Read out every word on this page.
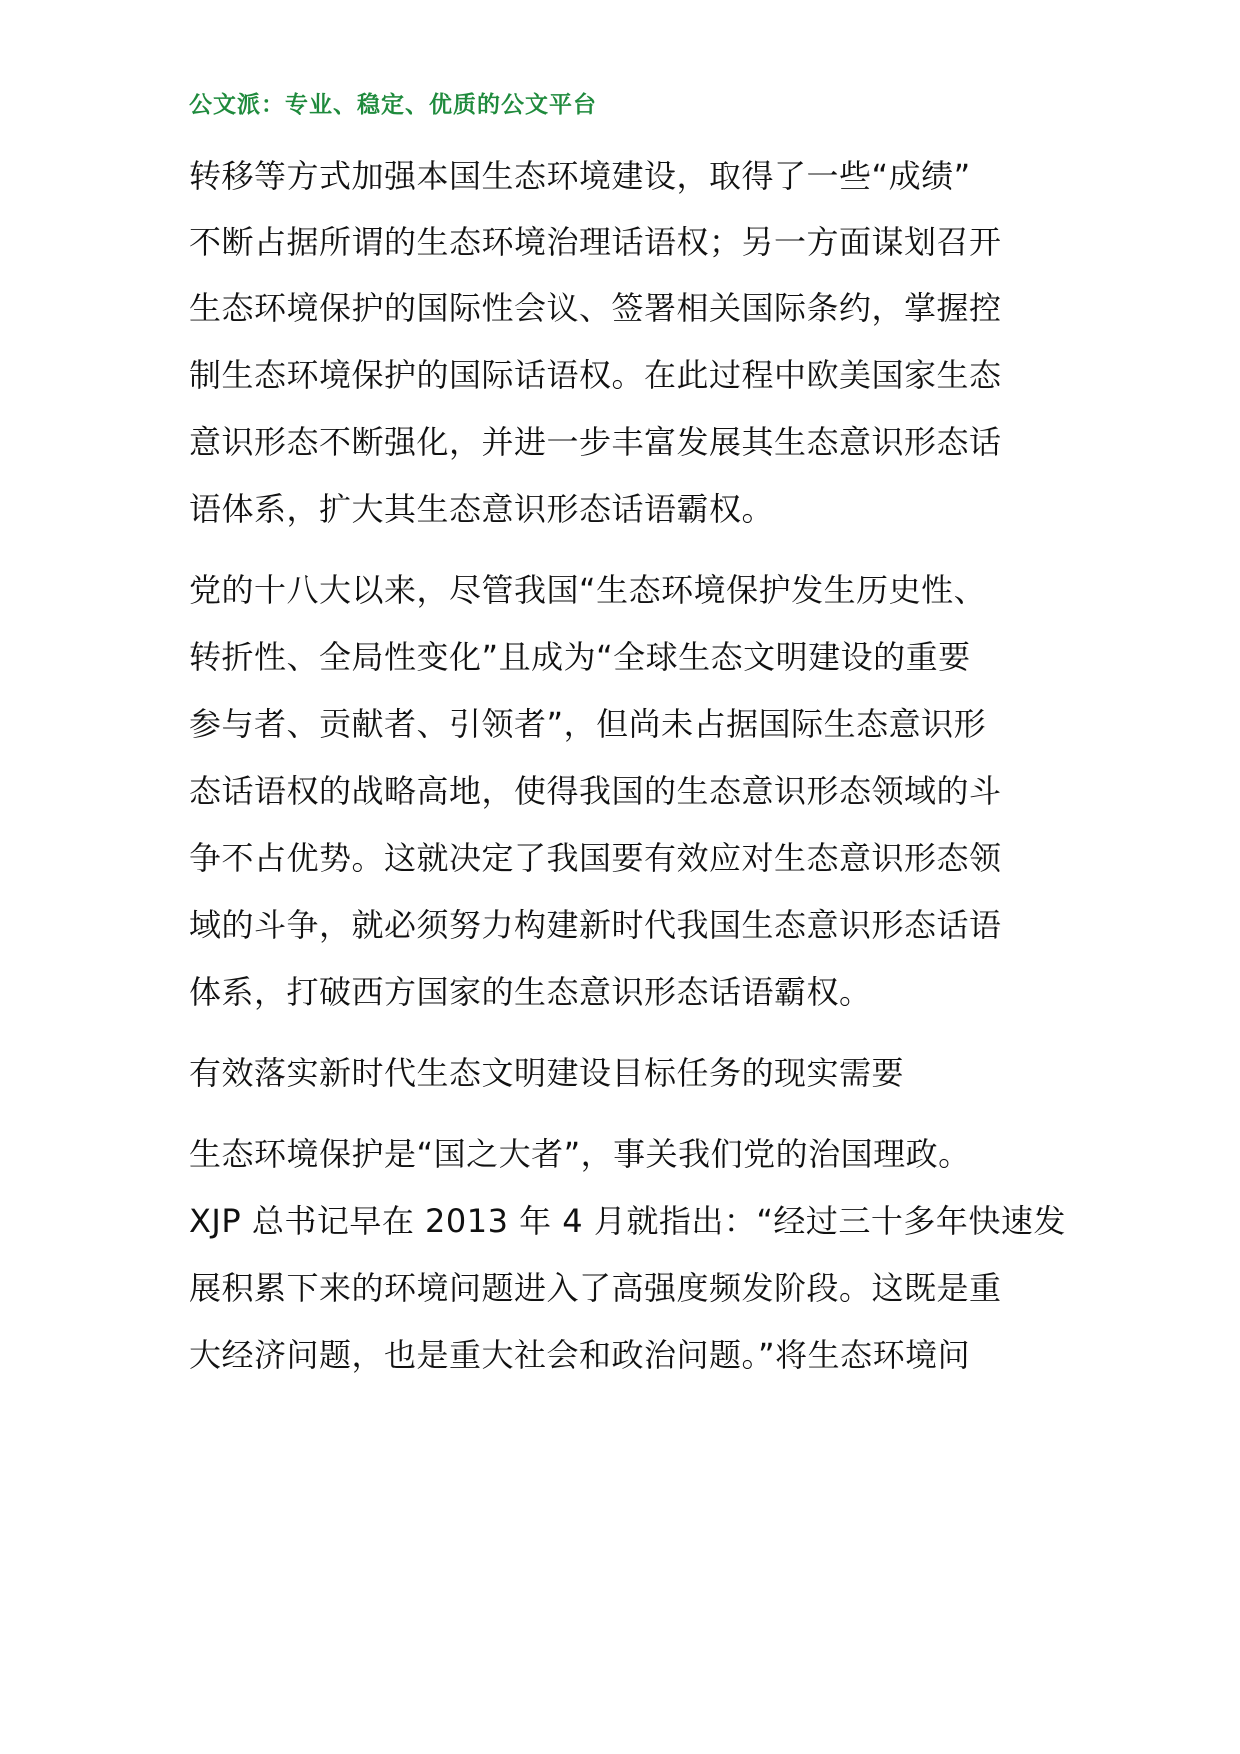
公文派：专业、稳定、优质的公文平台
转移等方式加强本国生态环境建设，取得了一些“成绩”
不断占据所谓的生态环境治理话语权；另一方面谋划召开
生态环境保护的国际性会议、签署相关国际条约，掌握控
制生态环境保护的国际话语权。在此过程中欧美国家生态
意识形态不断强化，并进一步丰富发展其生态意识形态话
语体系，扩大其生态意识形态话语霸权。
党的十八大以来，尽管我国“生态环境保护发生历史性、
转折性、全局性变化”且成为“全球生态文明建设的重要
参与者、贡献者、引领者”，但尚未占据国际生态意识形
态话语权的战略高地，使得我国的生态意识形态领域的斗
争不占优势。这就决定了我国要有效应对生态意识形态领
域的斗争，就必须努力构建新时代我国生态意识形态话语
体系，打破西方国家的生态意识形态话语霸权。
有效落实新时代生态文明建设目标任务的现实需要
生态环境保护是“国之大者”，事关我们党的治国理政。
XJP 总书记早在 2013 年 4 月就指出：“经过三十多年快速发
展积累下来的环境问题进入了高强度频发阶段。这既是重
大经济问题，也是重大社会和政治问题。”将生态环境问
